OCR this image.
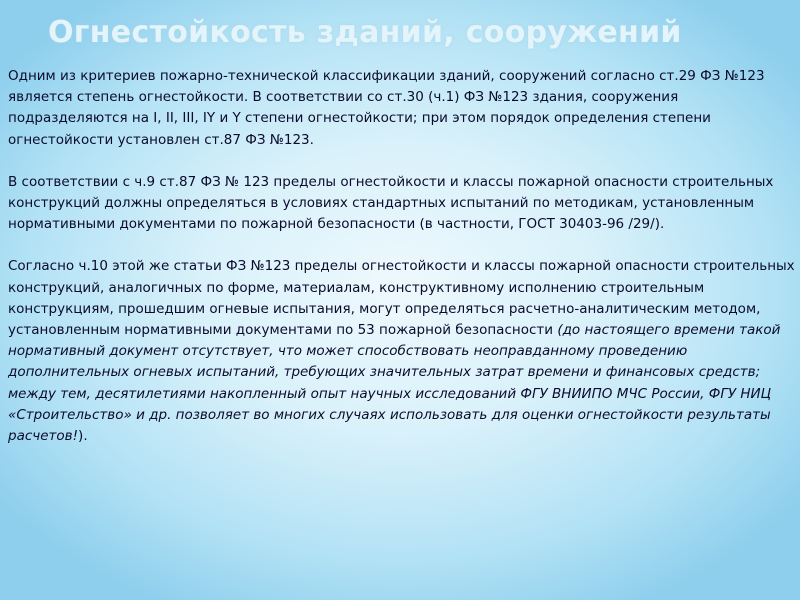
Огнестойкость зданий, сооружений

Одним из критериев пожарно-технической классификации зданий, сооружений согласно ст.29 ФЗ №123 является степень огнестойкости. В соответствии со ст.30 (ч.1) ФЗ №123 здания, сооружения подразделяются на I, II, III, IY и Y степени огнестойкости; при этом порядок определения степени огнестойкости установлен ст.87 ФЗ №123.

В соответствии с ч.9 ст.87 ФЗ № 123 пределы огнестойкости и классы пожарной опасности строительных конструкций должны определяться в условиях стандартных испытаний по методикам, установленным нормативными документами по пожарной безопасности (в частности, ГОСТ 30403-96 /29/).

Согласно ч.10 этой же статьи ФЗ №123 пределы огнестойкости и классы пожарной опасности строительных конструкций, аналогичных по форме, материалам, конструктивному исполнению строительным конструкциям, прошедшим огневые испытания, могут определяться расчетно-аналитическим методом, установленным нормативными документами по 53 пожарной безопасности (до настоящего времени такой нормативный документ отсутствует, что может способствовать неоправданному проведению дополнительных огневых испытаний, требующих значительных затрат времени и финансовых средств; между тем, десятилетиями накопленный опыт научных исследований ФГУ ВНИИПО МЧС России, ФГУ НИЦ «Строительство» и др. позволяет во многих случаях использовать для оценки огнестойкости результаты расчетов!).
